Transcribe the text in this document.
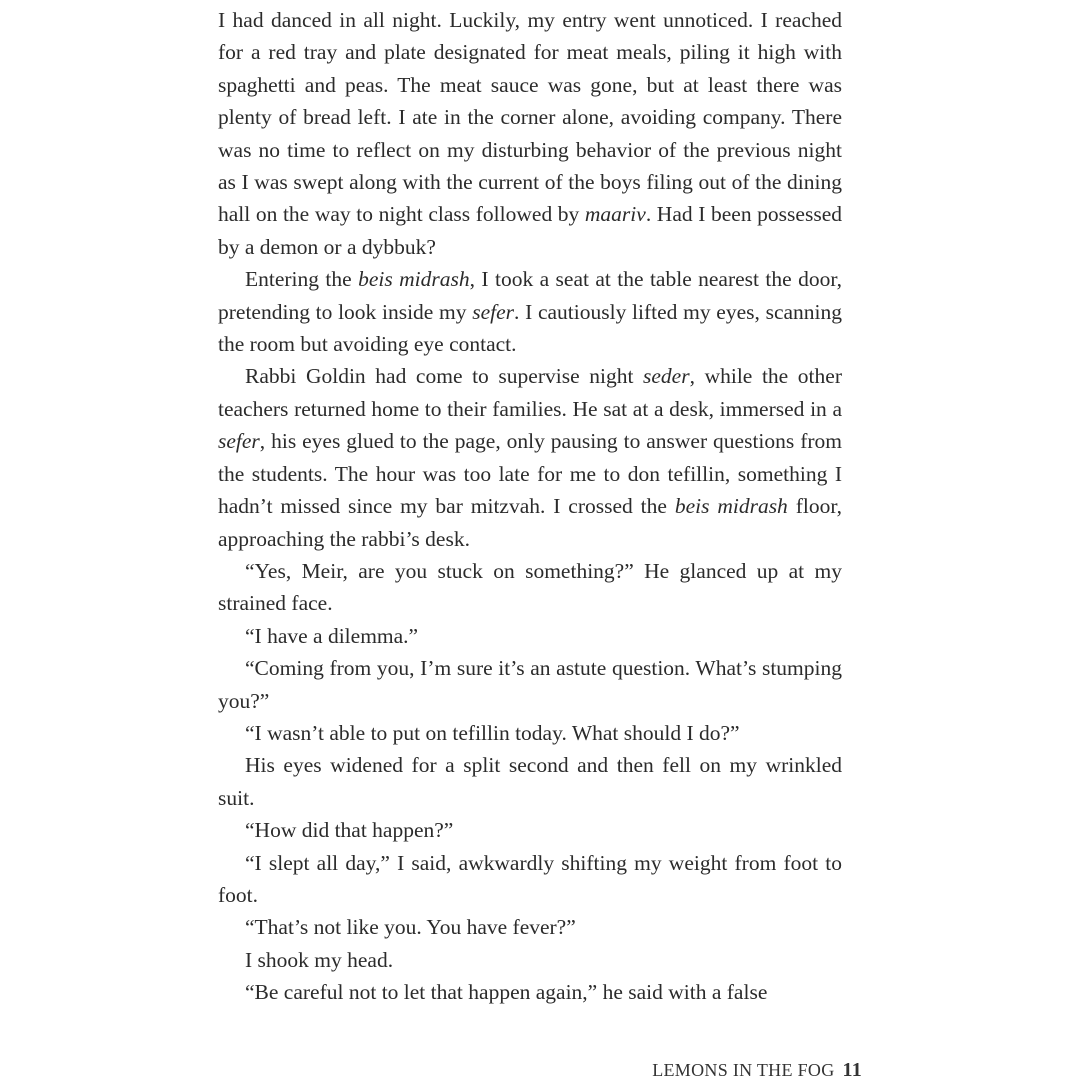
I had danced in all night. Luckily, my entry went unnoticed. I reached for a red tray and plate designated for meat meals, piling it high with spaghetti and peas. The meat sauce was gone, but at least there was plenty of bread left. I ate in the corner alone, avoiding company. There was no time to reflect on my disturbing behavior of the previous night as I was swept along with the current of the boys filing out of the dining hall on the way to night class followed by maariv. Had I been possessed by a demon or a dybbuk?

Entering the beis midrash, I took a seat at the table nearest the door, pretending to look inside my sefer. I cautiously lifted my eyes, scanning the room but avoiding eye contact.

Rabbi Goldin had come to supervise night seder, while the other teachers returned home to their families. He sat at a desk, immersed in a sefer, his eyes glued to the page, only pausing to answer questions from the students. The hour was too late for me to don tefillin, something I hadn’t missed since my bar mitzvah. I crossed the beis midrash floor, approaching the rabbi’s desk.

“Yes, Meir, are you stuck on something?” He glanced up at my strained face.

“I have a dilemma.”

“Coming from you, I’m sure it’s an astute question. What’s stumping you?”

“I wasn’t able to put on tefillin today. What should I do?”

His eyes widened for a split second and then fell on my wrinkled suit.

“How did that happen?”

“I slept all day,” I said, awkwardly shifting my weight from foot to foot.

“That’s not like you. You have fever?”

I shook my head.

“Be careful not to let that happen again,” he said with a false

LEMONS IN THE FOG 11
